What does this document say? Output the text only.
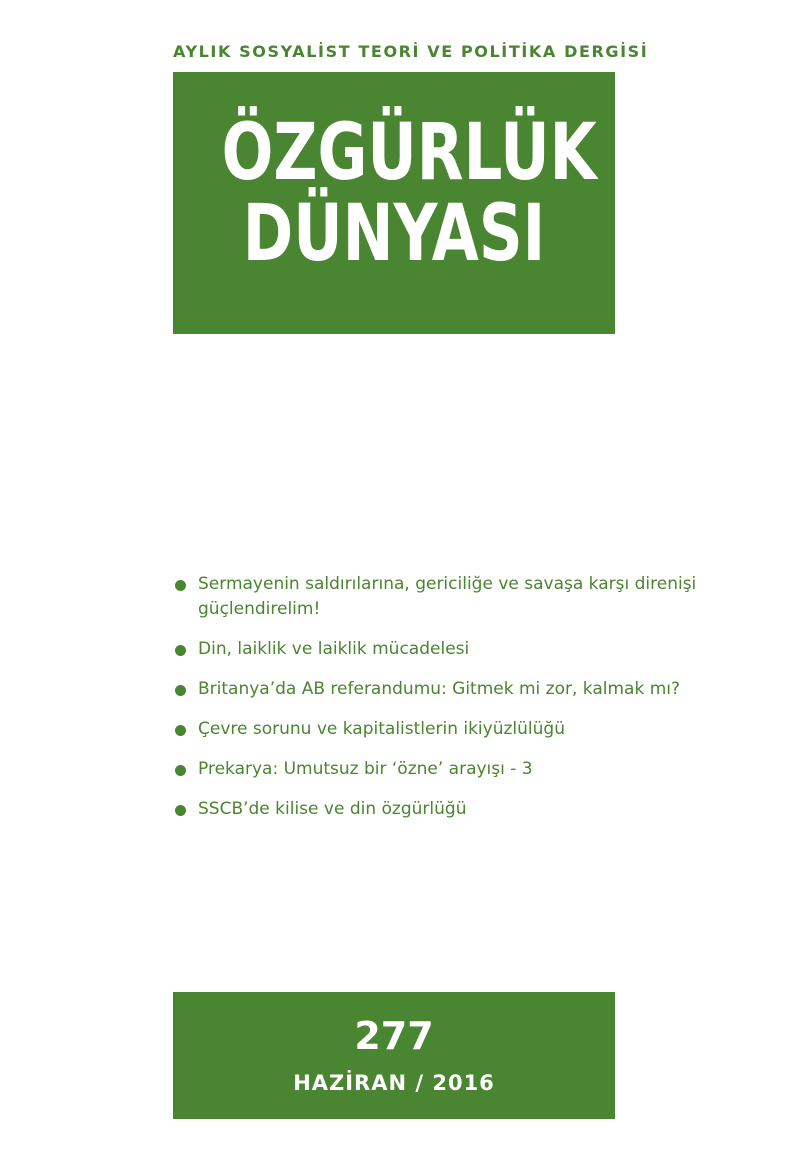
AYLIK SOSYALİST TEORİ VE POLİTİKA DERGİSİ
ÖZGÜRLÜK
DÜNYASI
Sermayenin saldırılarına, gericiliğe ve savaşa karşı direnişi güçlendirelim!
Din, laiklik ve laiklik mücadelesi
Britanya’da AB referandumu: Gitmek mi zor, kalmak mı?
Çevre sorunu ve kapitalistlerin ikiyüzlülüğü
Prekarya: Umutsuz bir ‘özne’ arayışı - 3
SSCB’de kilise ve din özgürlüğü
277
HAZİRAN / 2016
